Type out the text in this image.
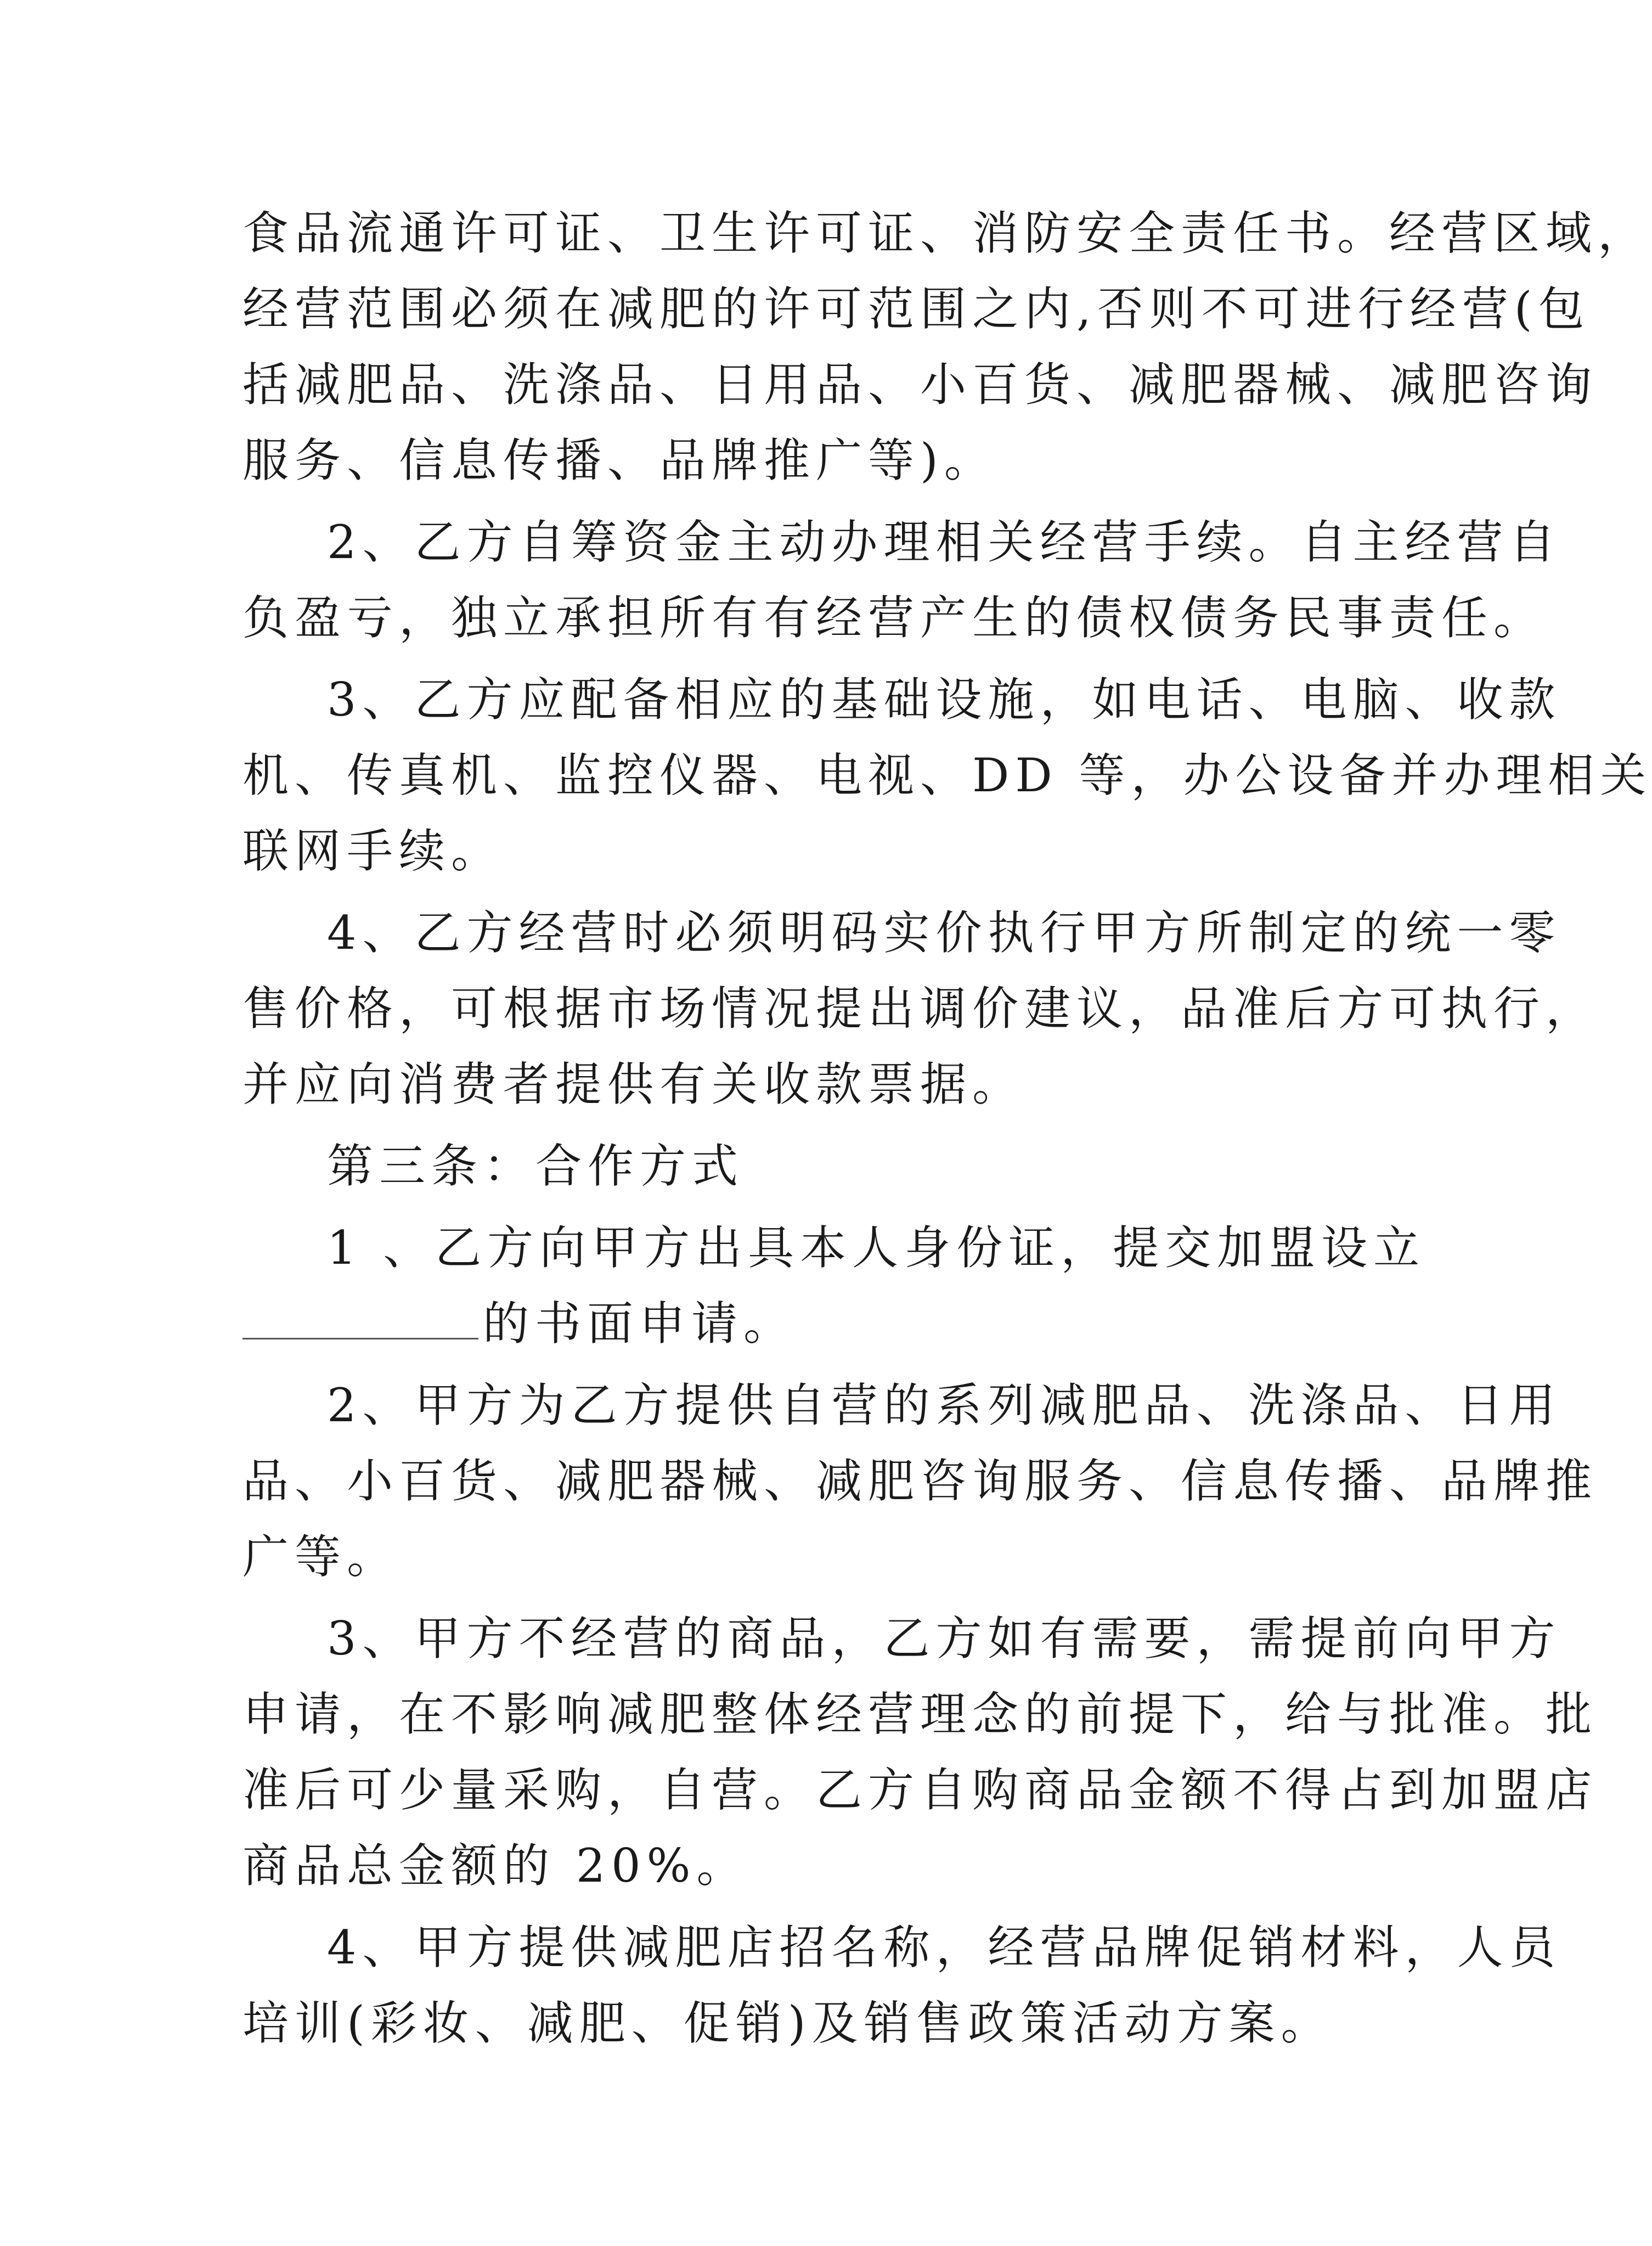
食品流通许可证、卫生许可证、消防安全责任书。经营区域，
经营范围必须在减肥的许可范围之内,否则不可进行经营(包
括减肥品、洗涤品、日用品、小百货、减肥器械、减肥咨询
服务、信息传播、品牌推广等)。
2、乙方自筹资金主动办理相关经营手续。自主经营自
负盈亏，独立承担所有有经营产生的债权债务民事责任。
3、乙方应配备相应的基础设施，如电话、电脑、收款
机、传真机、监控仪器、电视、DD 等，办公设备并办理相关
联网手续。
4、乙方经营时必须明码实价执行甲方所制定的统一零
售价格，可根据市场情况提出调价建议，品准后方可执行，
并应向消费者提供有关收款票据。
第三条：合作方式
1 、乙方向甲方出具本人身份证，提交加盟设立
的书面申请。
2、甲方为乙方提供自营的系列减肥品、洗涤品、日用
品、小百货、减肥器械、减肥咨询服务、信息传播、品牌推
广等。
3、甲方不经营的商品，乙方如有需要，需提前向甲方
申请，在不影响减肥整体经营理念的前提下，给与批准。批
准后可少量采购，自营。乙方自购商品金额不得占到加盟店
商品总金额的 20%。
4、甲方提供减肥店招名称，经营品牌促销材料，人员
培训(彩妆、减肥、促销)及销售政策活动方案。
